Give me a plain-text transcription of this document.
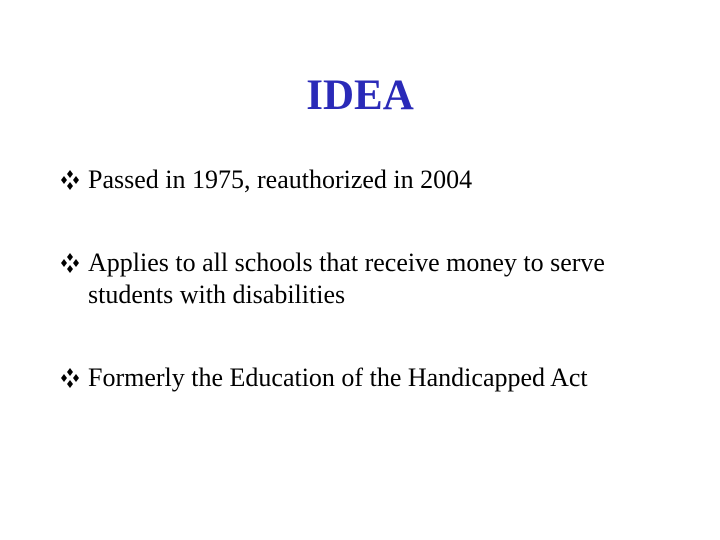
IDEA
Passed in 1975, reauthorized in 2004
Applies to all schools that receive money to serve students with disabilities
Formerly the Education of the Handicapped Act
